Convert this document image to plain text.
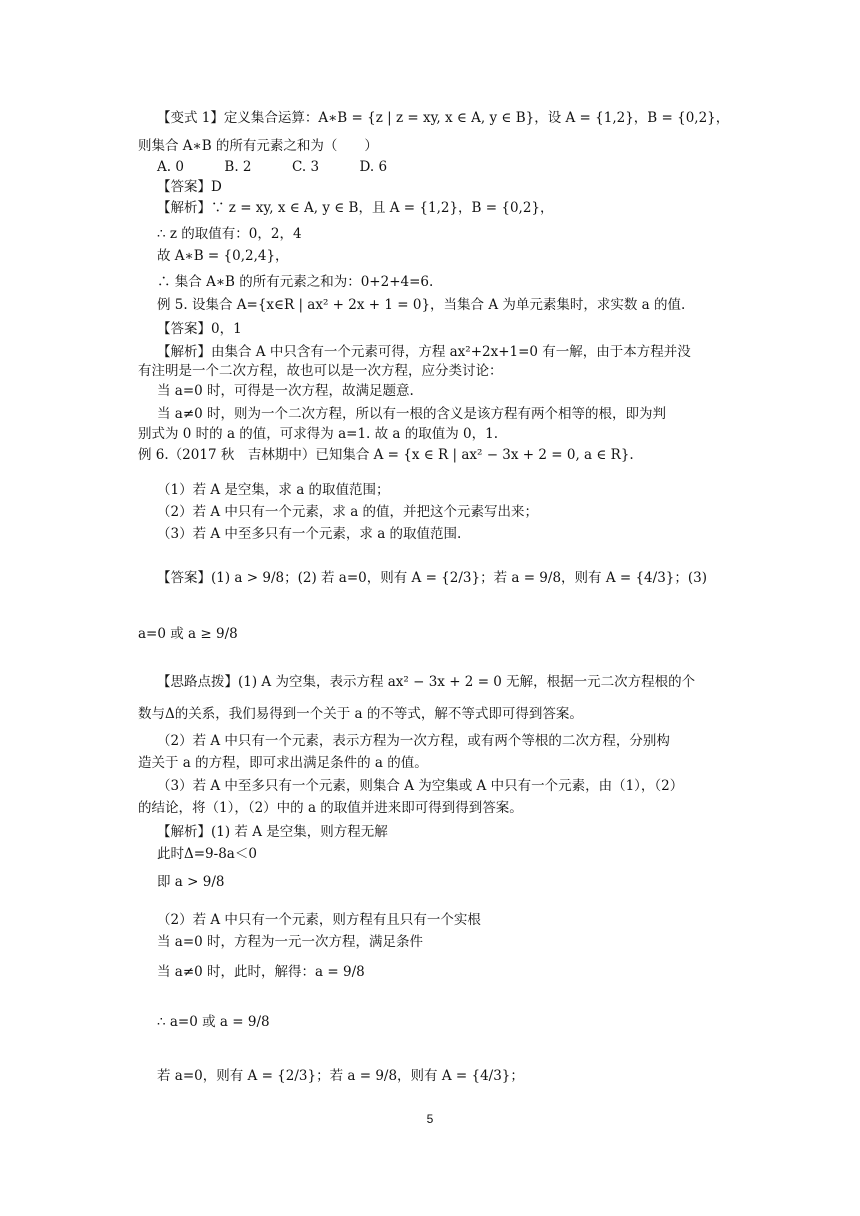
【变式 1】定义集合运算：A∗B = {z | z = xy, x ∈ A, y ∈ B}，设 A = {1,2}，B = {0,2}，
则集合 A∗B 的所有元素之和为（　　）
A. 0　　　B. 2　　　C. 3　　　D. 6
【答案】D
【解析】∵ z = xy, x ∈ A, y ∈ B，且 A = {1,2}，B = {0,2}，
∴ z 的取值有：0，2，4
故 A∗B = {0,2,4}，
∴ 集合 A∗B 的所有元素之和为：0+2+4=6.
例 5. 设集合 A={x∈R | ax² + 2x + 1 = 0}，当集合 A 为单元素集时，求实数 a 的值.
【答案】0，1
【解析】由集合 A 中只含有一个元素可得，方程 ax²+2x+1=0 有一解，由于本方程并没
有注明是一个二次方程，故也可以是一次方程，应分类讨论：
当 a=0 时，可得是一次方程，故满足题意.
当 a≠0 时，则为一个二次方程，所以有一根的含义是该方程有两个相等的根，即为判
别式为 0 时的 a 的值，可求得为 a=1. 故 a 的取值为 0，1.
例 6.（2017 秋　吉林期中）已知集合 A = {x ∈ R | ax² − 3x + 2 = 0, a ∈ R}.
（1）若 A 是空集，求 a 的取值范围；
（2）若 A 中只有一个元素，求 a 的值，并把这个元素写出来；
（3）若 A 中至多只有一个元素，求 a 的取值范围.
【答案】(1) a > 9/8；(2) 若 a=0，则有 A = {2/3}；若 a = 9/8，则有 A = {4/3}；(3)
a=0 或 a ≥ 9/8
【思路点拨】(1) A 为空集，表示方程 ax² − 3x + 2 = 0 无解，根据一元二次方程根的个
数与Δ的关系，我们易得到一个关于 a 的不等式，解不等式即可得到答案。
（2）若 A 中只有一个元素，表示方程为一次方程，或有两个等根的二次方程，分别构
造关于 a 的方程，即可求出满足条件的 a 的值。
（3）若 A 中至多只有一个元素，则集合 A 为空集或 A 中只有一个元素，由（1），（2）
的结论，将（1），（2）中的 a 的取值并进来即可得到得到答案。
【解析】(1) 若 A 是空集，则方程无解
此时Δ=9-8a＜0
即 a > 9/8
（2）若 A 中只有一个元素，则方程有且只有一个实根
当 a=0 时，方程为一元一次方程，满足条件
当 a≠0 时，此时，解得：a = 9/8
∴ a=0 或 a = 9/8
若 a=0，则有 A = {2/3}；若 a = 9/8，则有 A = {4/3}；
5
